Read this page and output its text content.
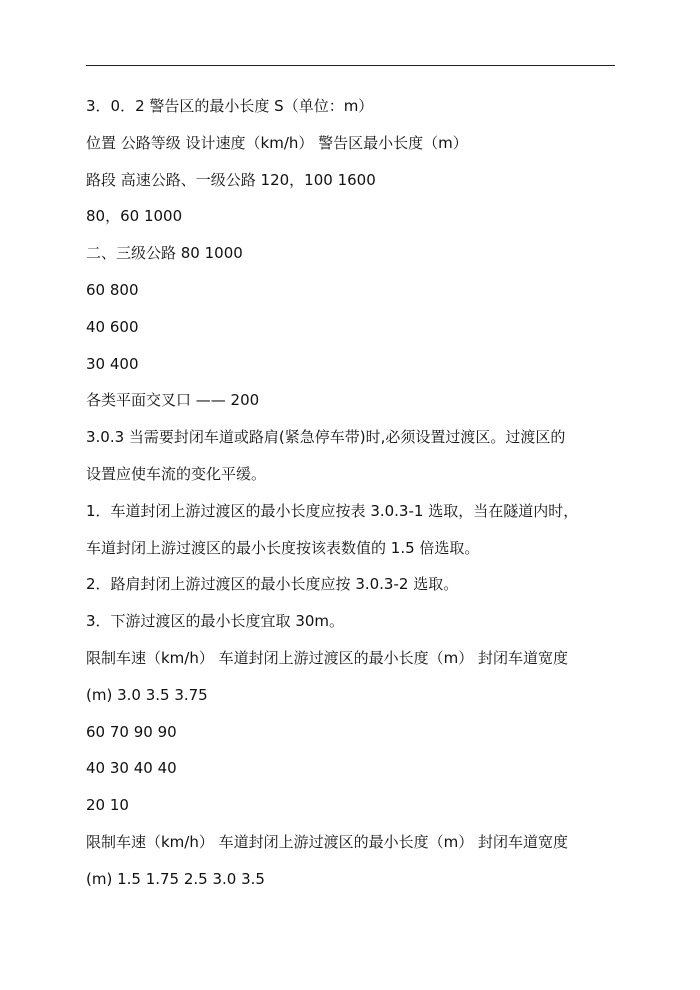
3．0．2 警告区的最小长度 S（单位：m）
位置 公路等级 设计速度（km/h） 警告区最小长度（m）
路段 高速公路、一级公路 120，100 1600
80，60 1000
二、三级公路 80 1000
60 800
40 600
30 400
各类平面交叉口 —— 200
3.0.3 当需要封闭车道或路肩(紧急停车带)时,必须设置过渡区。过渡区的
设置应使车流的变化平缓。
1．车道封闭上游过渡区的最小长度应按表 3.0.3-1 选取，当在隧道内时，
车道封闭上游过渡区的最小长度按该表数值的 1.5 倍选取。
2．路肩封闭上游过渡区的最小长度应按 3.0.3-2 选取。
3．下游过渡区的最小长度宜取 30m。
限制车速（km/h） 车道封闭上游过渡区的最小长度（m） 封闭车道宽度
(m) 3.0 3.5 3.75
60 70 90 90
40 30 40 40
20 10
限制车速（km/h） 车道封闭上游过渡区的最小长度（m） 封闭车道宽度
(m) 1.5 1.75 2.5 3.0 3.5
